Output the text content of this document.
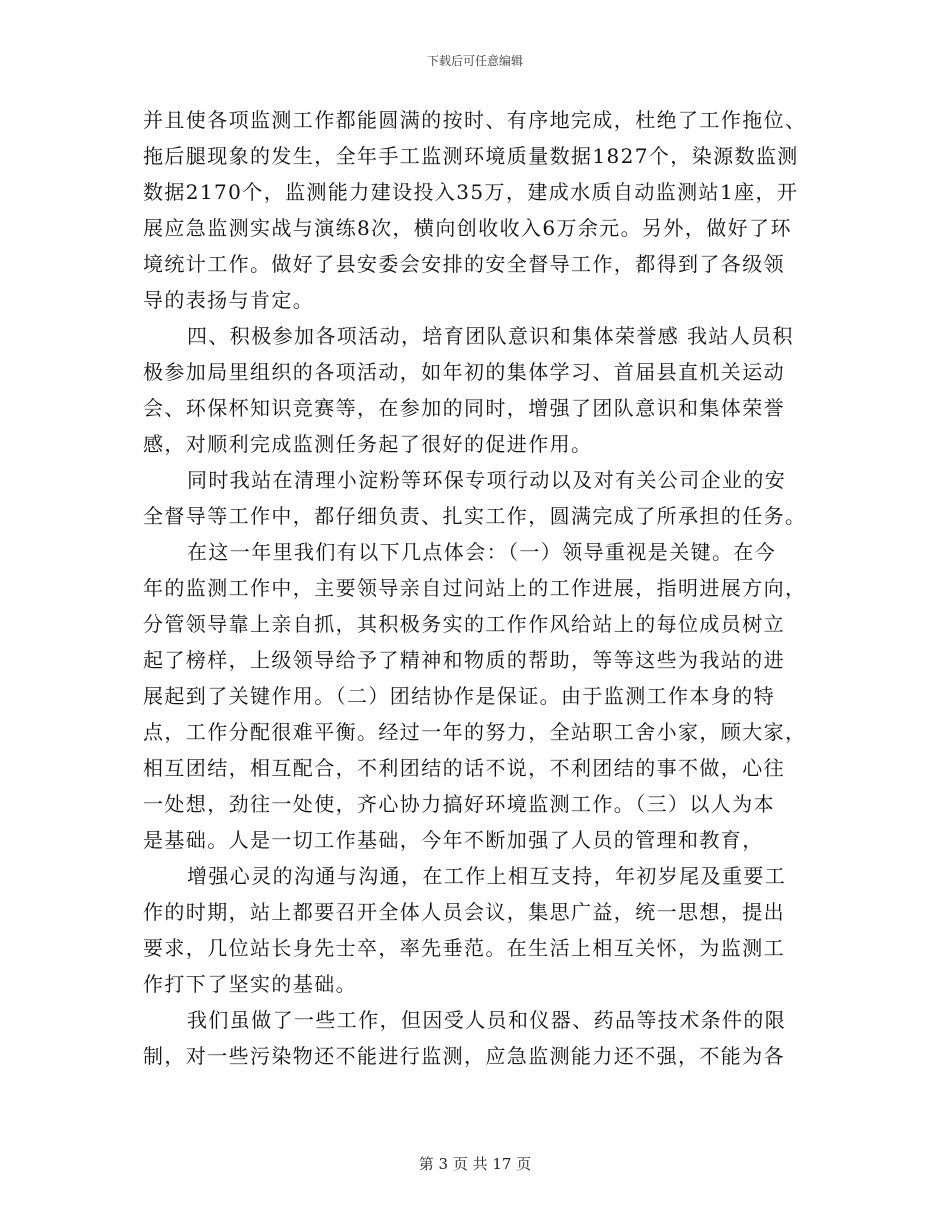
下载后可任意编辑
并且使各项监测工作都能圆满的按时、有序地完成，杜绝了工作拖位、
拖后腿现象的发生，全年手工监测环境质量数据1827个，染源数监测
数据2170个，监测能力建设投入35万，建成水质自动监测站1座，开
展应急监测实战与演练8次，横向创收收入6万余元。另外，做好了环
境统计工作。做好了县安委会安排的安全督导工作，都得到了各级领
导的表扬与肯定。
四、积极参加各项活动，培育团队意识和集体荣誉感 我站人员积
极参加局里组织的各项活动，如年初的集体学习、首届县直机关运动
会、环保杯知识竞赛等，在参加的同时，增强了团队意识和集体荣誉
感，对顺利完成监测任务起了很好的促进作用。
同时我站在清理小淀粉等环保专项行动以及对有关公司企业的安
全督导等工作中，都仔细负责、扎实工作，圆满完成了所承担的任务。
在这一年里我们有以下几点体会：（一）领导重视是关键。在今
年的监测工作中，主要领导亲自过问站上的工作进展，指明进展方向，
分管领导靠上亲自抓，其积极务实的工作作风给站上的每位成员树立
起了榜样，上级领导给予了精神和物质的帮助，等等这些为我站的进
展起到了关键作用。（二）团结协作是保证。由于监测工作本身的特
点，工作分配很难平衡。经过一年的努力，全站职工舍小家，顾大家，
相互团结，相互配合，不利团结的话不说，不利团结的事不做，心往
一处想，劲往一处使，齐心协力搞好环境监测工作。（三）以人为本
是基础。人是一切工作基础，今年不断加强了人员的管理和教育，
增强心灵的沟通与沟通，在工作上相互支持，年初岁尾及重要工
作的时期，站上都要召开全体人员会议，集思广益，统一思想，提出
要求，几位站长身先士卒，率先垂范。在生活上相互关怀，为监测工
作打下了坚实的基础。
我们虽做了一些工作，但因受人员和仪器、药品等技术条件的限
制，对一些污染物还不能进行监测，应急监测能力还不强，不能为各
第 3 页 共 17 页
